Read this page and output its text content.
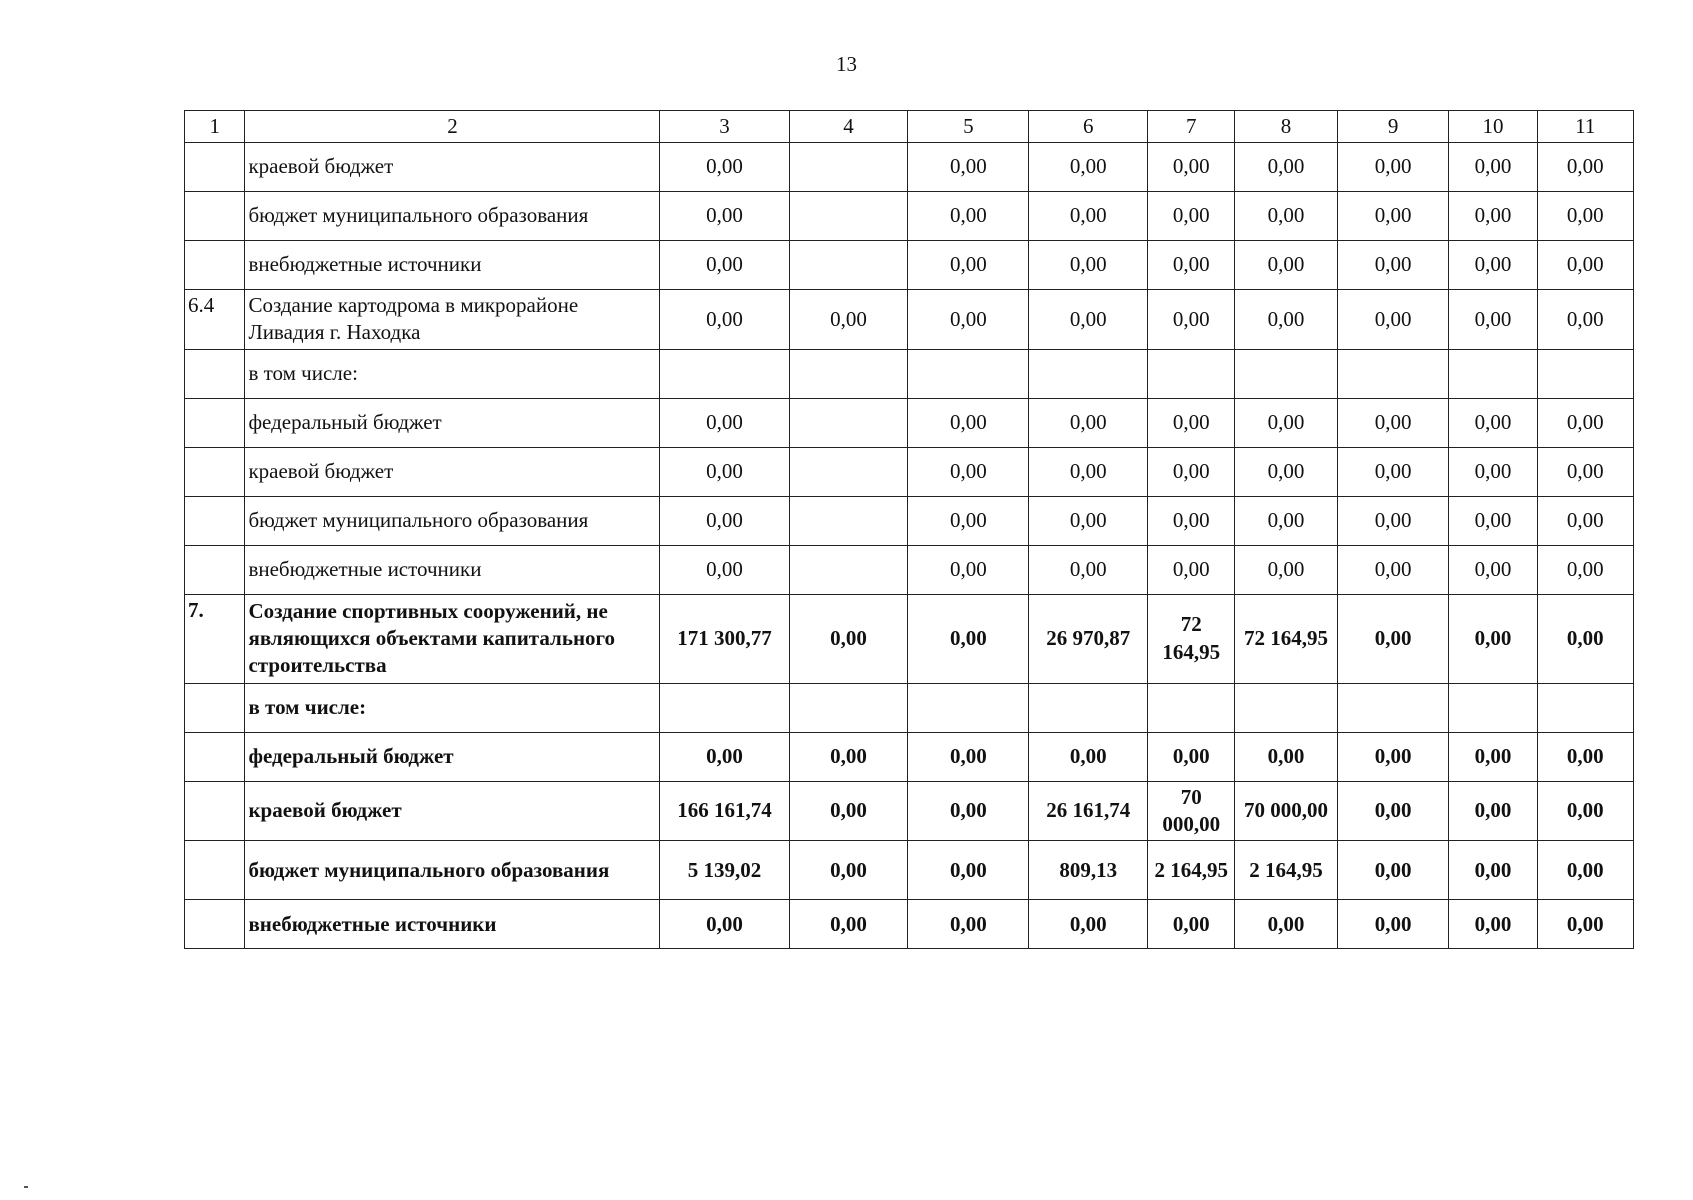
13
1	2	3	4	5	6	7	8	9	10	11
	краевой бюджет	0,00		0,00	0,00	0,00	0,00	0,00	0,00	0,00
	бюджет муниципального образования	0,00		0,00	0,00	0,00	0,00	0,00	0,00	0,00
	внебюджетные источники	0,00		0,00	0,00	0,00	0,00	0,00	0,00	0,00
6.4	Создание картодрома в микрорайоне Ливадия г. Находка	0,00	0,00	0,00	0,00	0,00	0,00	0,00	0,00	0,00
	в том числе:									
	федеральный бюджет	0,00		0,00	0,00	0,00	0,00	0,00	0,00	0,00
	краевой бюджет	0,00		0,00	0,00	0,00	0,00	0,00	0,00	0,00
	бюджет муниципального образования	0,00		0,00	0,00	0,00	0,00	0,00	0,00	0,00
	внебюджетные источники	0,00		0,00	0,00	0,00	0,00	0,00	0,00	0,00
7.	Создание спортивных сооружений, не являющихся объектами капитального строительства	171 300,77	0,00	0,00	26 970,87	72 164,95	72 164,95	0,00	0,00	0,00
	в том числе:									
	федеральный бюджет	0,00	0,00	0,00	0,00	0,00	0,00	0,00	0,00	0,00
	краевой бюджет	166 161,74	0,00	0,00	26 161,74	70 000,00	70 000,00	0,00	0,00	0,00
	бюджет муниципального образования	5 139,02	0,00	0,00	809,13	2 164,95	2 164,95	0,00	0,00	0,00
	внебюджетные источники	0,00	0,00	0,00	0,00	0,00	0,00	0,00	0,00	0,00
